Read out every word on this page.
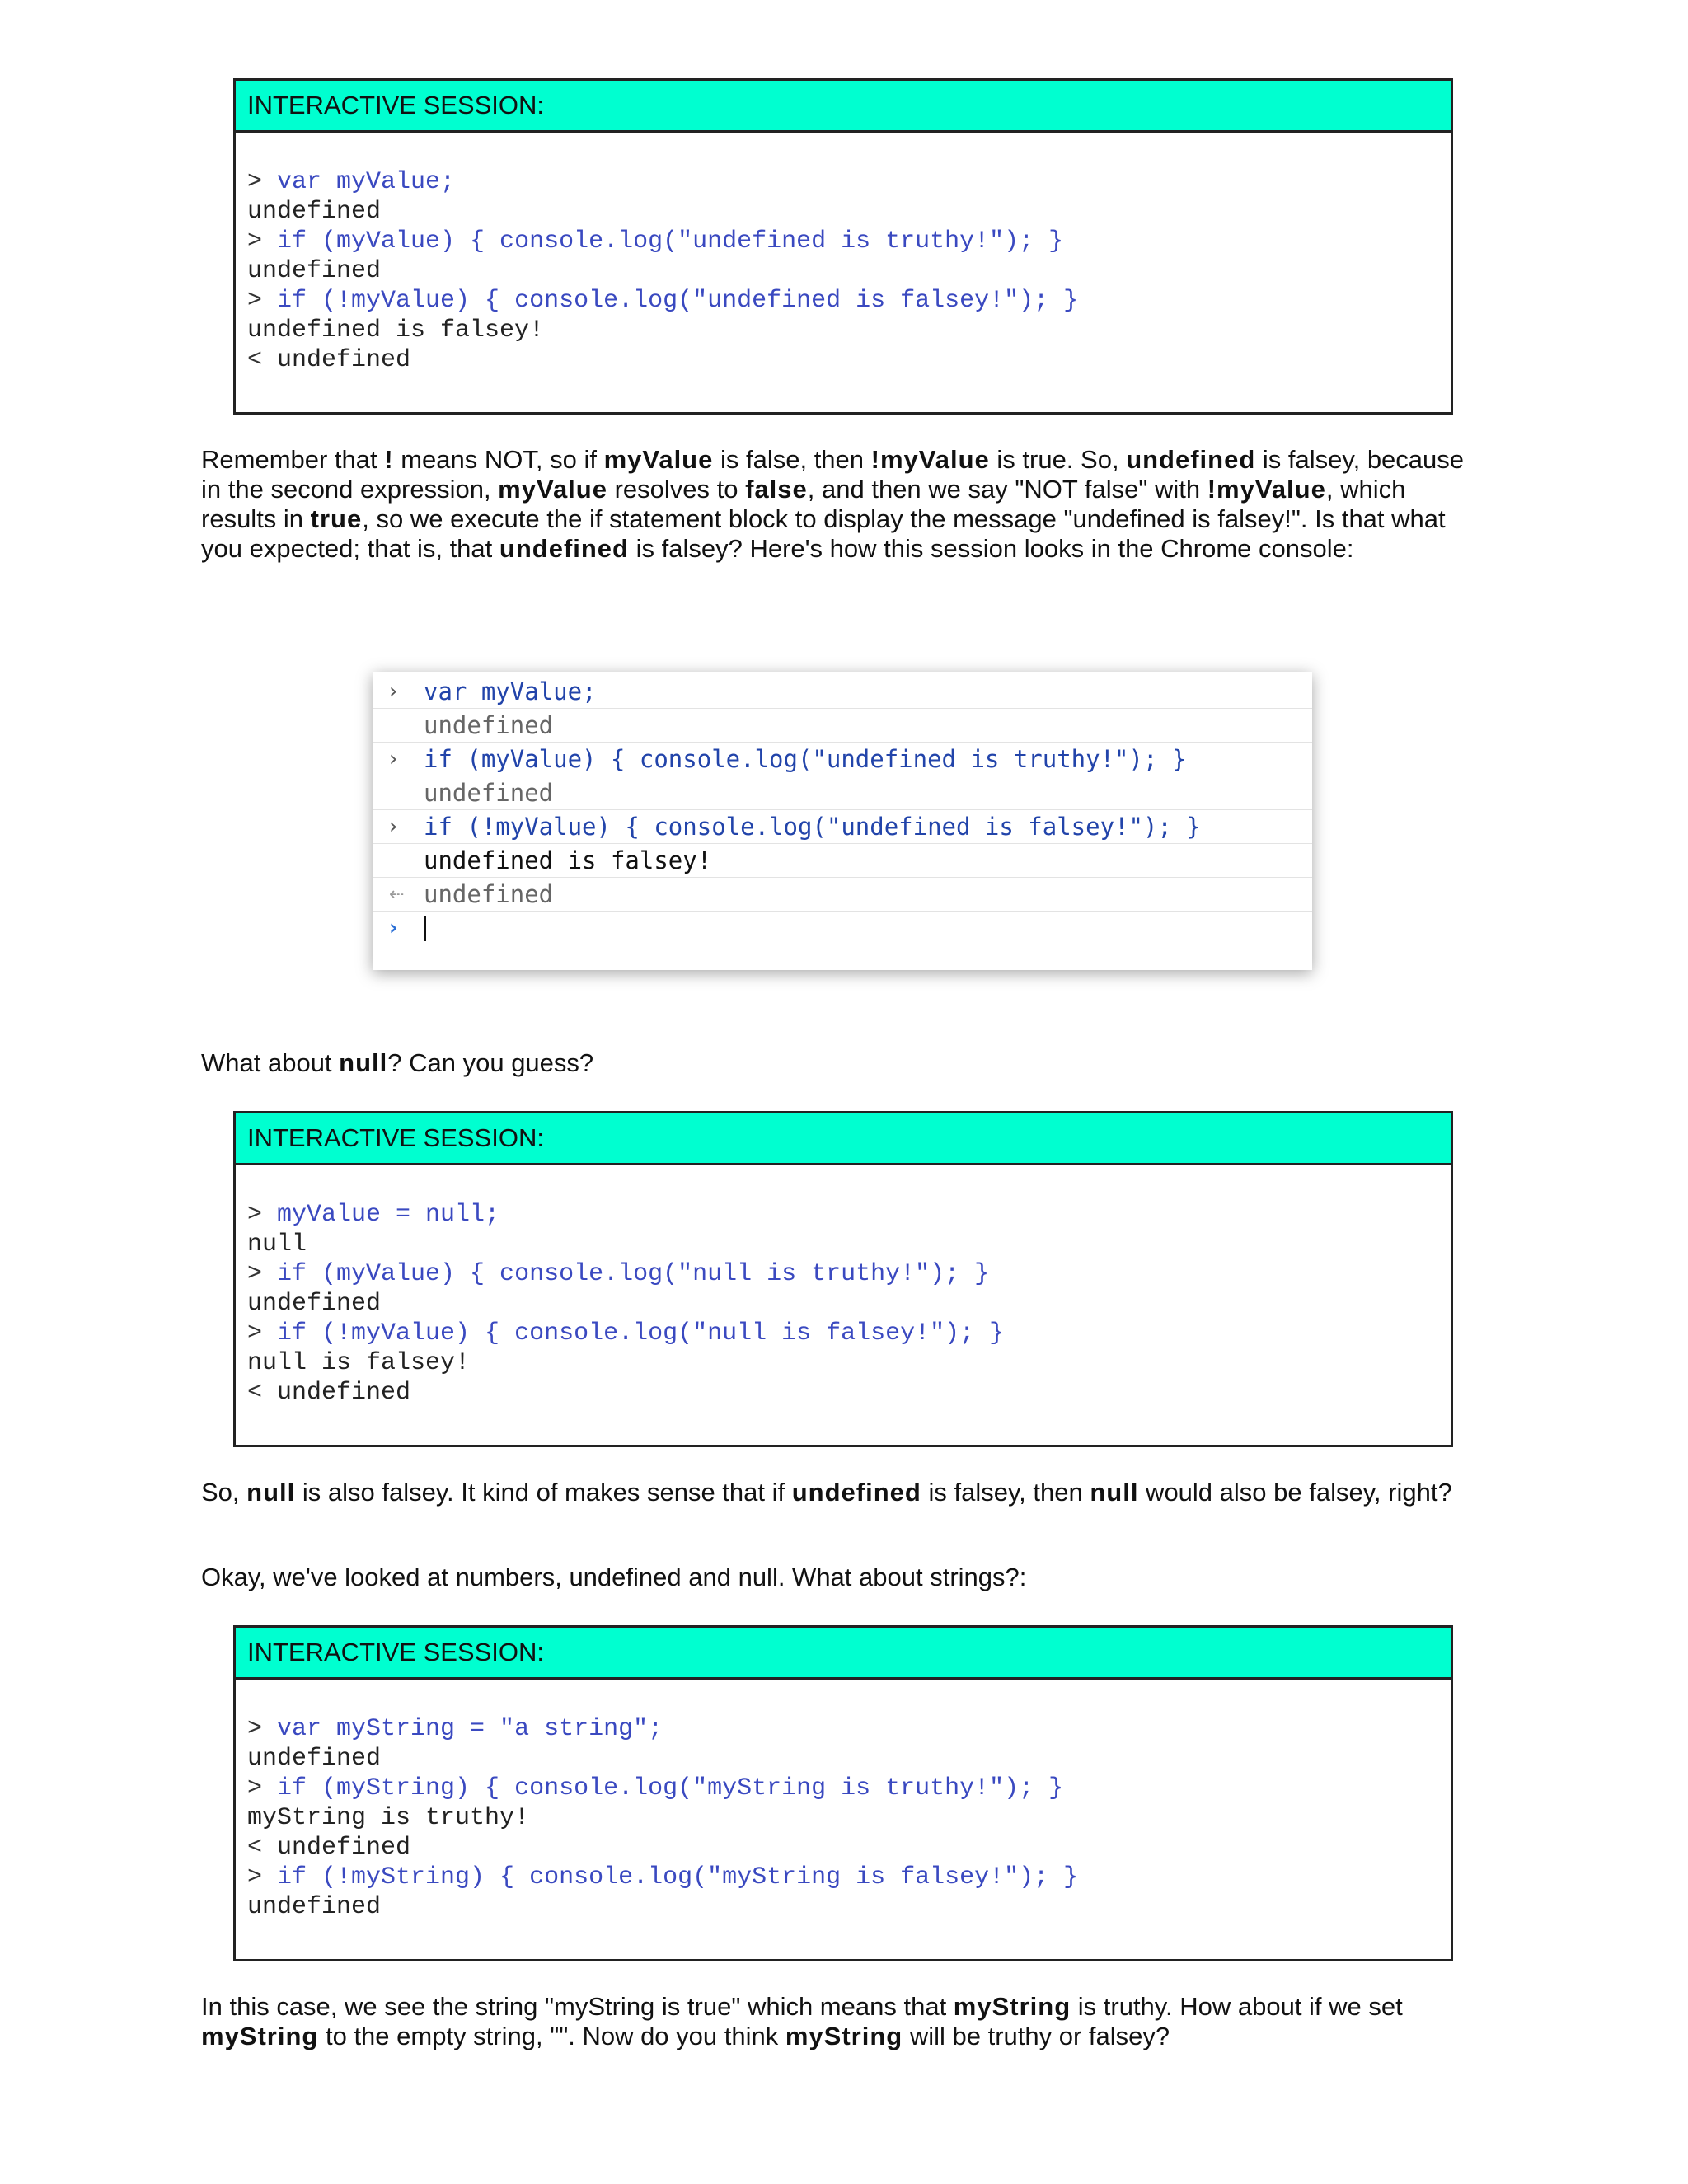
INTERACTIVE SESSION:
> var myValue;
undefined
> if (myValue) { console.log("undefined is truthy!"); }
undefined
> if (!myValue) { console.log("undefined is falsey!"); }
undefined is falsey!
< undefined

Remember that ! means NOT, so if myValue is false, then !myValue is true. So, undefined is falsey, because in the second expression, myValue resolves to false, and then we say "NOT false" with !myValue, which results in true, so we execute the if statement block to display the message "undefined is falsey!". Is that what you expected; that is, that undefined is falsey? Here's how this session looks in the Chrome console:

›	var myValue;
undefined
›	if (myValue) { console.log("undefined is truthy!"); }
undefined
›	if (!myValue) { console.log("undefined is falsey!"); }
undefined is falsey!
⇠ undefined
›

What about null? Can you guess?

INTERACTIVE SESSION:
> myValue = null;
null
> if (myValue) { console.log("null is truthy!"); }
undefined
> if (!myValue) { console.log("null is falsey!"); }
null is falsey!
< undefined

So, null is also falsey. It kind of makes sense that if undefined is falsey, then null would also be falsey, right?

Okay, we've looked at numbers, undefined and null. What about strings?:

INTERACTIVE SESSION:
> var myString = "a string";
undefined
> if (myString) { console.log("myString is truthy!"); }
myString is truthy!
< undefined
> if (!myString) { console.log("myString is falsey!"); }
undefined

In this case, we see the string "myString is true" which means that myString is truthy. How about if we set myString to the empty string, "". Now do you think myString will be truthy or falsey?
